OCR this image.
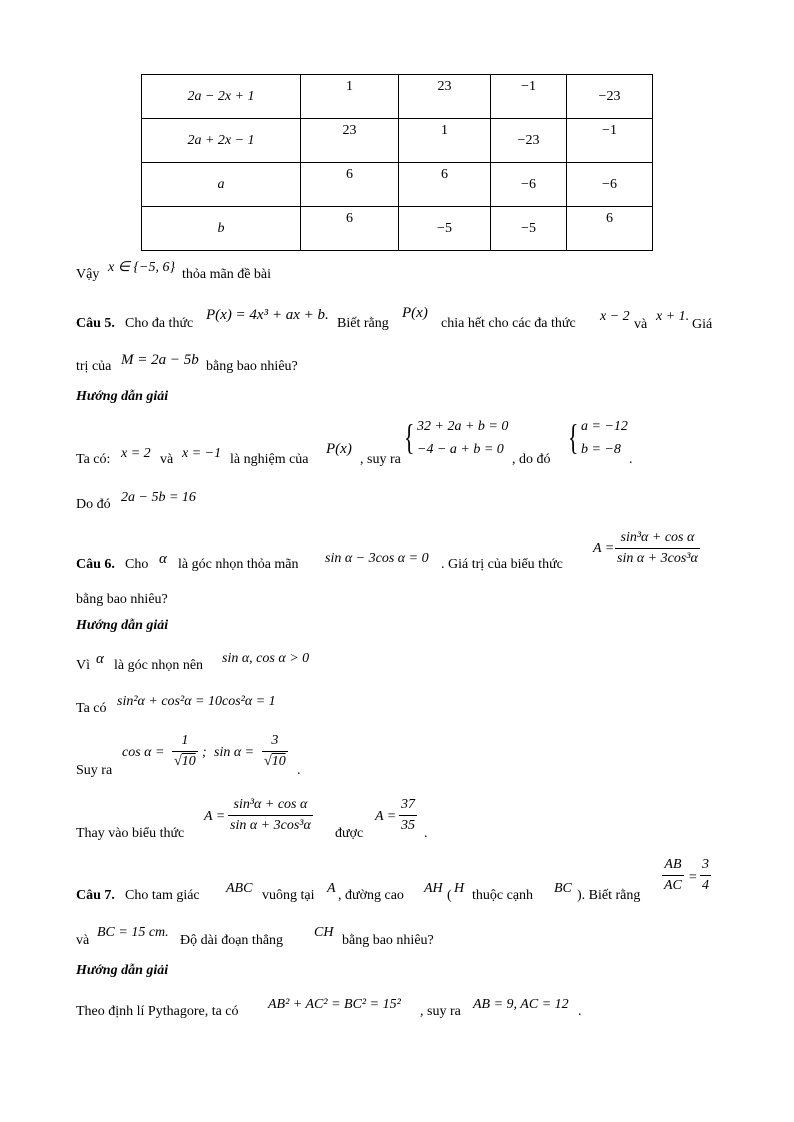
2a − 2x + 1	1	23	−1	−23

2a + 2x − 1	23	1	−23	−1

a	6	6	−6	−6

b	6	−5	−5	6
Vậy x ∈ {−5, 6} thỏa mãn đề bài
Câu 5. Cho đa thức
P(x) = 4x³ + ax + b.
Biết rằng
P(x)
chia hết cho các đa thức x − 2
và
x + 1.
Giá
trị của M = 2a − 5b bằng bao nhiêu?
Hướng dẫn giải
Ta có: x = 2 và x = −1 là nghiệm của
P(x)
, suy ra
{ 32 + 2a + b = 0
−4 − a + b = 0
, do đó
{ a = −12
b = −8
.
Do đó 2a − 5b = 16
Câu 6. Cho α là góc nhọn thỏa mãn sin α − 3cos α = 0 . Giá trị của biểu thức
$A = \frac{\text{sin³α + cos α}}{\text{sin α + 3cos³α}}$
bằng bao nhiêu?
Hướng dẫn giải
Vì α là góc nhọn nên sin α, cos α > 0
Ta có sin²α + cos²α = 10cos²α = 1
Suy ra
$\cos \alpha = \frac{1}{√10}$ ; $\sin \alpha = \frac{3}{√10}$
.
Thay vào biểu thức
$A = \frac{\text{sin³α + cos α}}{\text{sin α + 3cos³α}}$ được
$A = \frac{37}{35}$ .
Câu 7. Cho tam giác ABC vuông tại A , đường cao AH ( H thuộc cạnh BC ). Biết rằng
$\frac{AB}{AC} = \frac{3}{4}$
và
BC = 15 cm.
Độ dài đoạn thẳng
CH
bằng bao nhiêu?
Hướng dẫn giải
Theo định lí Pythagore, ta có AB² + AC² = BC² = 15² , suy ra AB = 9, AC = 12 .
